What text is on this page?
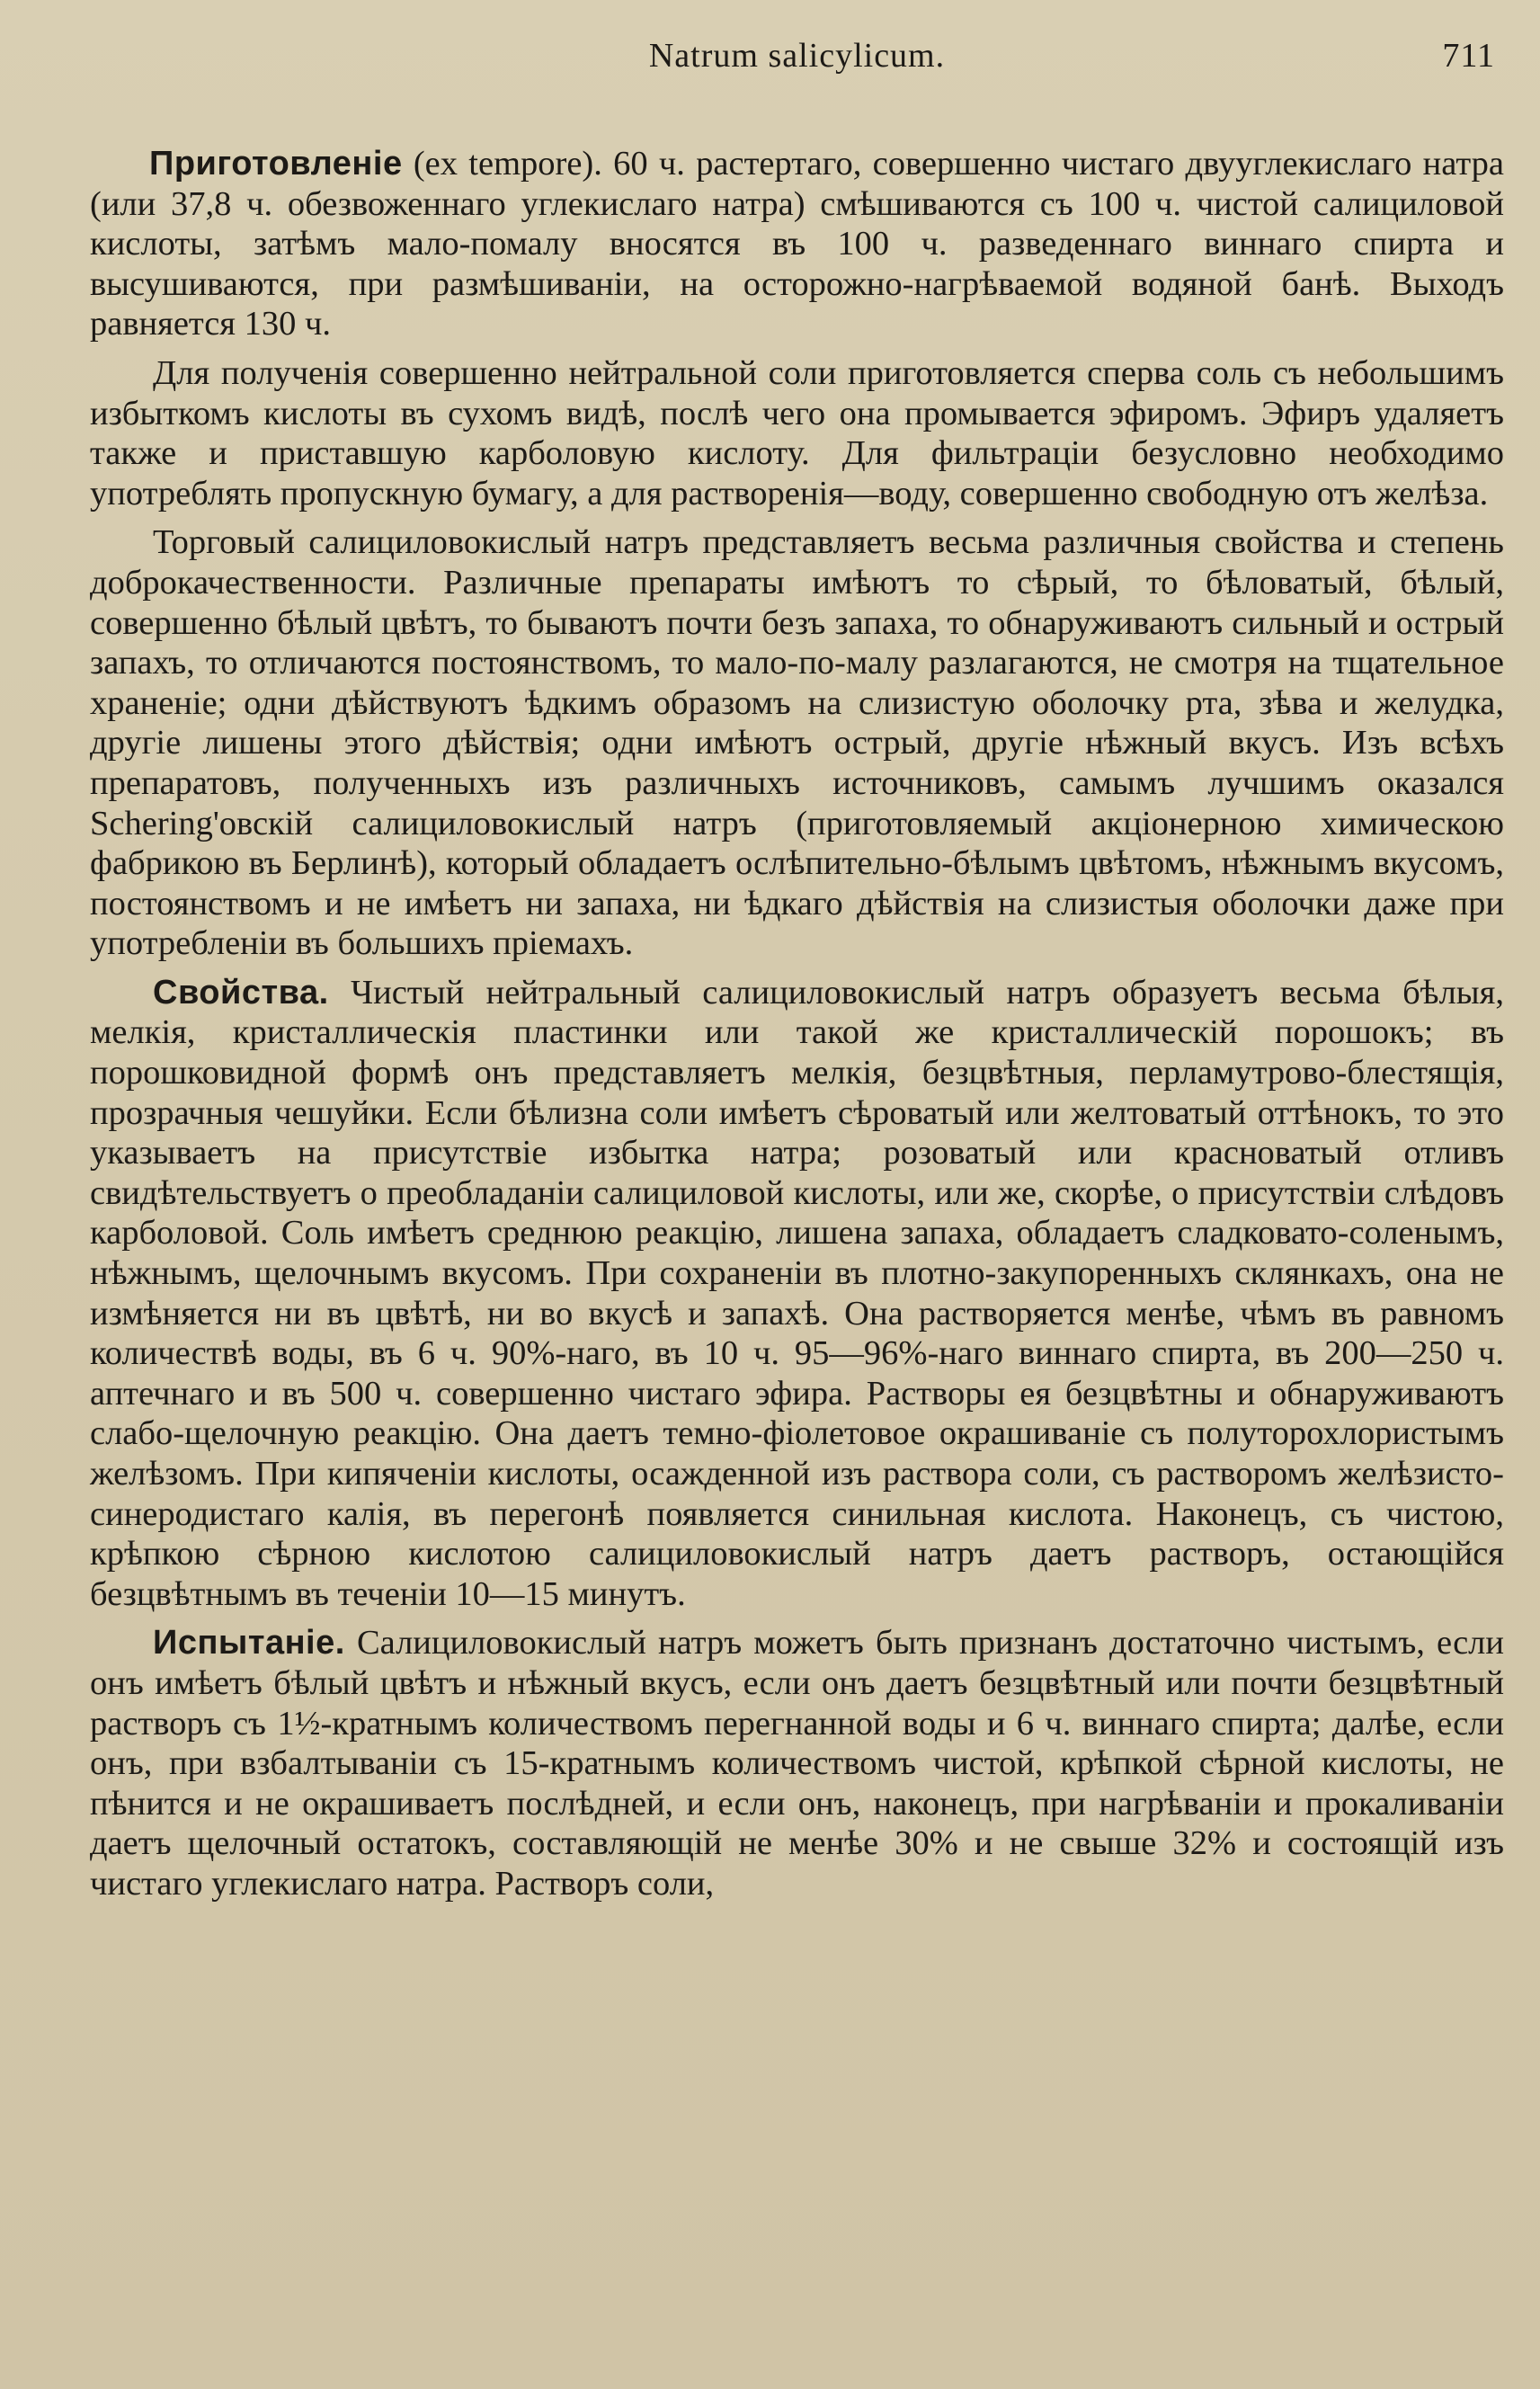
Natrum salicylicum.	711

Приготовленіе (ex tempore). 60 ч. растертаго, совершенно чистаго двууглекислаго натра (или 37,8 ч. обезвоженнаго углекислаго натра) смѣшиваются съ 100 ч. чистой салициловой кислоты, затѣмъ мало-помалу вносятся въ 100 ч. разведеннаго виннаго спирта и высушиваются, при размѣшиваніи, на осторожно-нагрѣваемой водяной банѣ. Выходъ равняется 130 ч.

Для полученія совершенно нейтральной соли приготовляется сперва соль съ небольшимъ избыткомъ кислоты въ сухомъ видѣ, послѣ чего она промывается эфиромъ. Эфиръ удаляетъ также и приставшую карболовую кислоту. Для фильтраціи безусловно необходимо употреблять пропускную бумагу, а для растворенія—воду, совершенно свободную отъ желѣза.

Торговый салициловокислый натръ представляетъ весьма различныя свойства и степень доброкачественности. Различные препараты имѣютъ то сѣрый, то бѣловатый, бѣлый, совершенно бѣлый цвѣтъ, то бываютъ почти безъ запаха, то обнаруживаютъ сильный и острый запахъ, то отличаются постоянствомъ, то мало-по-малу разлагаются, не смотря на тщательное храненіе; одни дѣйствуютъ ѣдкимъ образомъ на слизистую оболочку рта, зѣва и желудка, другіе лишены этого дѣйствія; одни имѣютъ острый, другіе нѣжный вкусъ. Изъ всѣхъ препаратовъ, полученныхъ изъ различныхъ источниковъ, самымъ лучшимъ оказался Schering'овскій салициловокислый натръ (приготовляемый акціонерною химическою фабрикою въ Берлинѣ), который обладаетъ ослѣпительно-бѣлымъ цвѣтомъ, нѣжнымъ вкусомъ, постоянствомъ и не имѣетъ ни запаха, ни ѣдкаго дѣйствія на слизистыя оболочки даже при употребленіи въ большихъ пріемахъ.

Свойства. Чистый нейтральный салициловокислый натръ образуетъ весьма бѣлыя, мелкія, кристаллическія пластинки или такой же кристаллическій порошокъ; въ порошковидной формѣ онъ представляетъ мелкія, безцвѣтныя, перламутрово-блестящія, прозрачныя чешуйки. Если бѣлизна соли имѣетъ сѣроватый или желтоватый оттѣнокъ, то это указываетъ на присутствіе избытка натра; розоватый или красноватый отливъ свидѣтельствуетъ о преобладаніи салициловой кислоты, или же, скорѣе, о присутствіи слѣдовъ карболовой. Соль имѣетъ среднюю реакцію, лишена запаха, обладаетъ сладковато-соленымъ, нѣжнымъ, щелочнымъ вкусомъ. При сохраненіи въ плотно-закупоренныхъ склянкахъ, она не измѣняется ни въ цвѣтѣ, ни во вкусѣ и запахѣ. Она растворяется менѣе, чѣмъ въ равномъ количествѣ воды, въ 6 ч. 90%-наго, въ 10 ч. 95—96%-наго виннаго спирта, въ 200—250 ч. аптечнаго и въ 500 ч. совершенно чистаго эфира. Растворы ея безцвѣтны и обнаруживаютъ слабо-щелочную реакцію. Она даетъ темно-фіолетовое окрашиваніе съ полуторохлористымъ желѣзомъ. При кипяченіи кислоты, осажденной изъ раствора соли, съ растворомъ желѣзисто-синеродистаго калія, въ перегонѣ появляется синильная кислота. Наконецъ, съ чистою, крѣпкою сѣрною кислотою салициловокислый натръ даетъ растворъ, остающійся безцвѣтнымъ въ теченіи 10—15 минутъ.

Испытаніе. Салициловокислый натръ можетъ быть признанъ достаточно чистымъ, если онъ имѣетъ бѣлый цвѣтъ и нѣжный вкусъ, если онъ даетъ безцвѣтный или почти безцвѣтный растворъ съ 1½-кратнымъ количествомъ перегнанной воды и 6 ч. виннаго спирта; далѣе, если онъ, при взбалтываніи съ 15-кратнымъ количествомъ чистой, крѣпкой сѣрной кислоты, не пѣнится и не окрашиваетъ послѣдней, и если онъ, наконецъ, при нагрѣваніи и прокаливаніи даетъ щелочный остатокъ, составляющій не менѣе 30% и не свыше 32% и состоящій изъ чистаго углекислаго натра. Растворъ соли,
